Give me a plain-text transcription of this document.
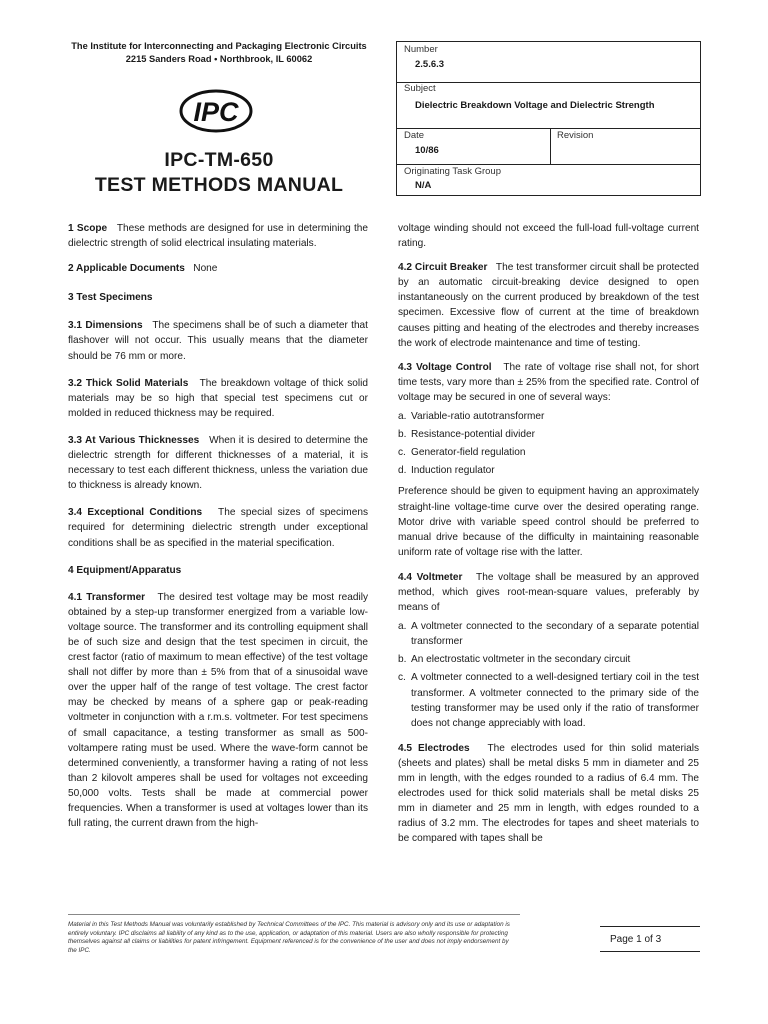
The Institute for Interconnecting and Packaging Electronic Circuits
2215 Sanders Road • Northbrook, IL 60062
IPC
IPC-TM-650
TEST METHODS MANUAL
Number
2.5.6.3
Subject
Dielectric Breakdown Voltage and Dielectric Strength
Date
10/86
Revision
Originating Task Group
N/A

1 Scope These methods are designed for use in determining the dielectric strength of solid electrical insulating materials.

2 Applicable Documents None

3 Test Specimens

3.1 Dimensions The specimens shall be of such a diameter that flashover will not occur. This usually means that the diameter should be 76 mm or more.

3.2 Thick Solid Materials The breakdown voltage of thick solid materials may be so high that special test specimens cut or molded in reduced thickness may be required.

3.3 At Various Thicknesses When it is desired to determine the dielectric strength for different thicknesses of a material, it is necessary to test each different thickness, unless the variation due to thickness is already known.

3.4 Exceptional Conditions The special sizes of specimens required for determining dielectric strength under exceptional conditions shall be as specified in the material specification.

4 Equipment/Apparatus

4.1 Transformer The desired test voltage may be most readily obtained by a step-up transformer energized from a variable low-voltage source. The transformer and its controlling equipment shall be of such size and design that the test specimen in circuit, the crest factor (ratio of maximum to mean effective) of the test voltage shall not differ by more than ± 5% from that of a sinusoidal wave over the upper half of the range of test voltage. The crest factor may be checked by means of a sphere gap or peak-reading voltmeter in conjunction with a r.m.s. voltmeter. For test specimens of small capacitance, a testing transformer as small as 500-voltampere rating must be used. Where the wave-form cannot be determined conveniently, a transformer having a rating of not less than 2 kilovolt amperes shall be used for voltages not exceeding 50,000 volts. Tests shall be made at commercial power frequencies. When a transformer is used at voltages lower than its full rating, the current drawn from the high-

voltage winding should not exceed the full-load full-voltage current rating.

4.2 Circuit Breaker The test transformer circuit shall be protected by an automatic circuit-breaking device designed to open instantaneously on the current produced by breakdown of the test specimen. Excessive flow of current at the time of breakdown causes pitting and heating of the electrodes and thereby increases the work of electrode maintenance and time of testing.

4.3 Voltage Control The rate of voltage rise shall not, for short time tests, vary more than ± 25% from the specified rate. Control of voltage may be secured in one of several ways:

a. Variable-ratio autotransformer
b. Resistance-potential divider
c. Generator-field regulation
d. Induction regulator

Preference should be given to equipment having an approximately straight-line voltage-time curve over the desired operating range. Motor drive with variable speed control should be preferred to manual drive because of the difficulty in maintaining reasonable uniform rate of voltage rise with the latter.

4.4 Voltmeter The voltage shall be measured by an approved method, which gives root-mean-square values, preferably by means of

a. A voltmeter connected to the secondary of a separate potential transformer
b. An electrostatic voltmeter in the secondary circuit
c. A voltmeter connected to a well-designed tertiary coil in the test transformer. A voltmeter connected to the primary side of the testing transformer may be used only if the ratio of transformer does not change appreciably with load.

4.5 Electrodes The electrodes used for thin solid materials (sheets and plates) shall be metal disks 5 mm in diameter and 25 mm in length, with the edges rounded to a radius of 6.4 mm. The electrodes used for thick solid materials shall be metal disks 25 mm in diameter and 25 mm in length, with edges rounded to a radius of 3.2 mm. The electrodes for tapes and sheet materials to be compared with tapes shall be

Material in this Test Methods Manual was voluntarily established by Technical Committees of the IPC. This material is advisory only and its use or adaptation is entirely voluntary. IPC disclaims all liability of any kind as to the use, application, or adaptation of this material. Users are also wholly responsible for protecting themselves against all claims or liabilities for patent infringement. Equipment referenced is for the convenience of the user and does not imply endorsement by the IPC.
Page 1 of 3
